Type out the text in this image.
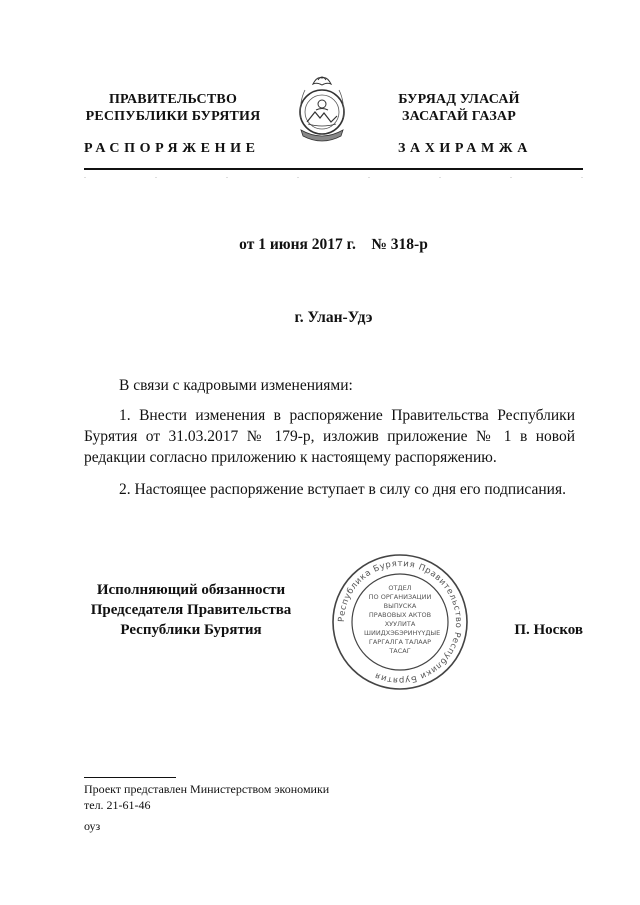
ПРАВИТЕЛЬСТВО
РЕСПУБЛИКИ БУРЯТИЯ
РАСПОРЯЖЕНИЕ
БУРЯАД УЛАСАЙ
ЗАСАГАЙ ГАЗАР
ЗАХИРАМЖА
.	.	.	.	.	.	.	.
от 1 июня 2017 г.    № 318-р
г. Улан-Удэ
В связи с кадровыми изменениями:
1. Внести изменения в распоряжение Правительства Республики Бурятия от 31.03.2017 № 179-р, изложив приложение № 1 в новой редакции согласно приложению к настоящему распоряжению.
2. Настоящее распоряжение вступает в силу со дня его подписания.
Исполняющий обязанности
Председателя Правительства
Республики Бурятия
Республика Бурятия Правительство Республики Бурятия
ОТДЕЛ
ПО ОРГАНИЗАЦИИ
ВЫПУСКА
ПРАВОВЫХ АКТОВ
ХУУЛИТА
ШИИДХЭБЭРИНҮҮДЫЕ
ГАРГАЛГА ТАЛААР
ТАСАГ
П. Носков
Проект представлен Министерством экономики
тел. 21-61-46
оуз
